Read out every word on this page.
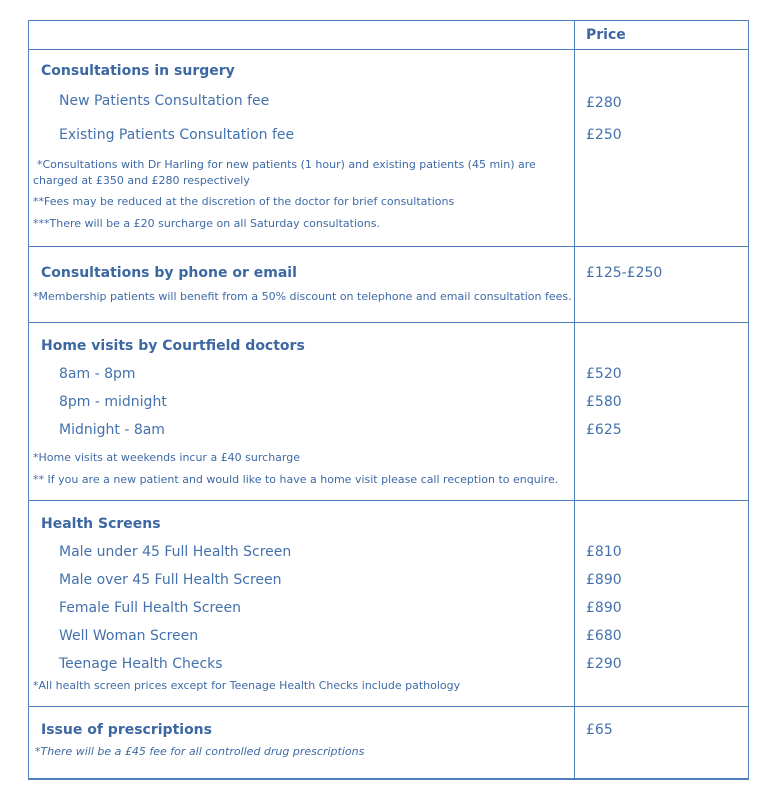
Price
Consultations in surgery
New Patients Consultation fee	£280
Existing Patients Consultation fee	£250
*Consultations with Dr Harling for new patients (1 hour) and existing patients (45 min) are charged at £350 and £280 respectively
**Fees may be reduced at the discretion of the doctor for brief consultations
***There will be a £20 surcharge on all Saturday consultations.
Consultations by phone or email	£125-£250
*Membership patients will benefit from a 50% discount on telephone and email consultation fees.
Home visits by Courtfield doctors
8am - 8pm	£520
8pm - midnight	£580
Midnight - 8am	£625
*Home visits at weekends incur a £40 surcharge
** If you are a new patient and would like to have a home visit please call reception to enquire.
Health Screens
Male under 45 Full Health Screen	£810
Male over 45 Full Health Screen	£890
Female Full Health Screen	£890
Well Woman Screen	£680
Teenage Health Checks	£290
*All health screen prices except for Teenage Health Checks include pathology
Issue of prescriptions	£65
*There will be a £45 fee for all controlled drug prescriptions
